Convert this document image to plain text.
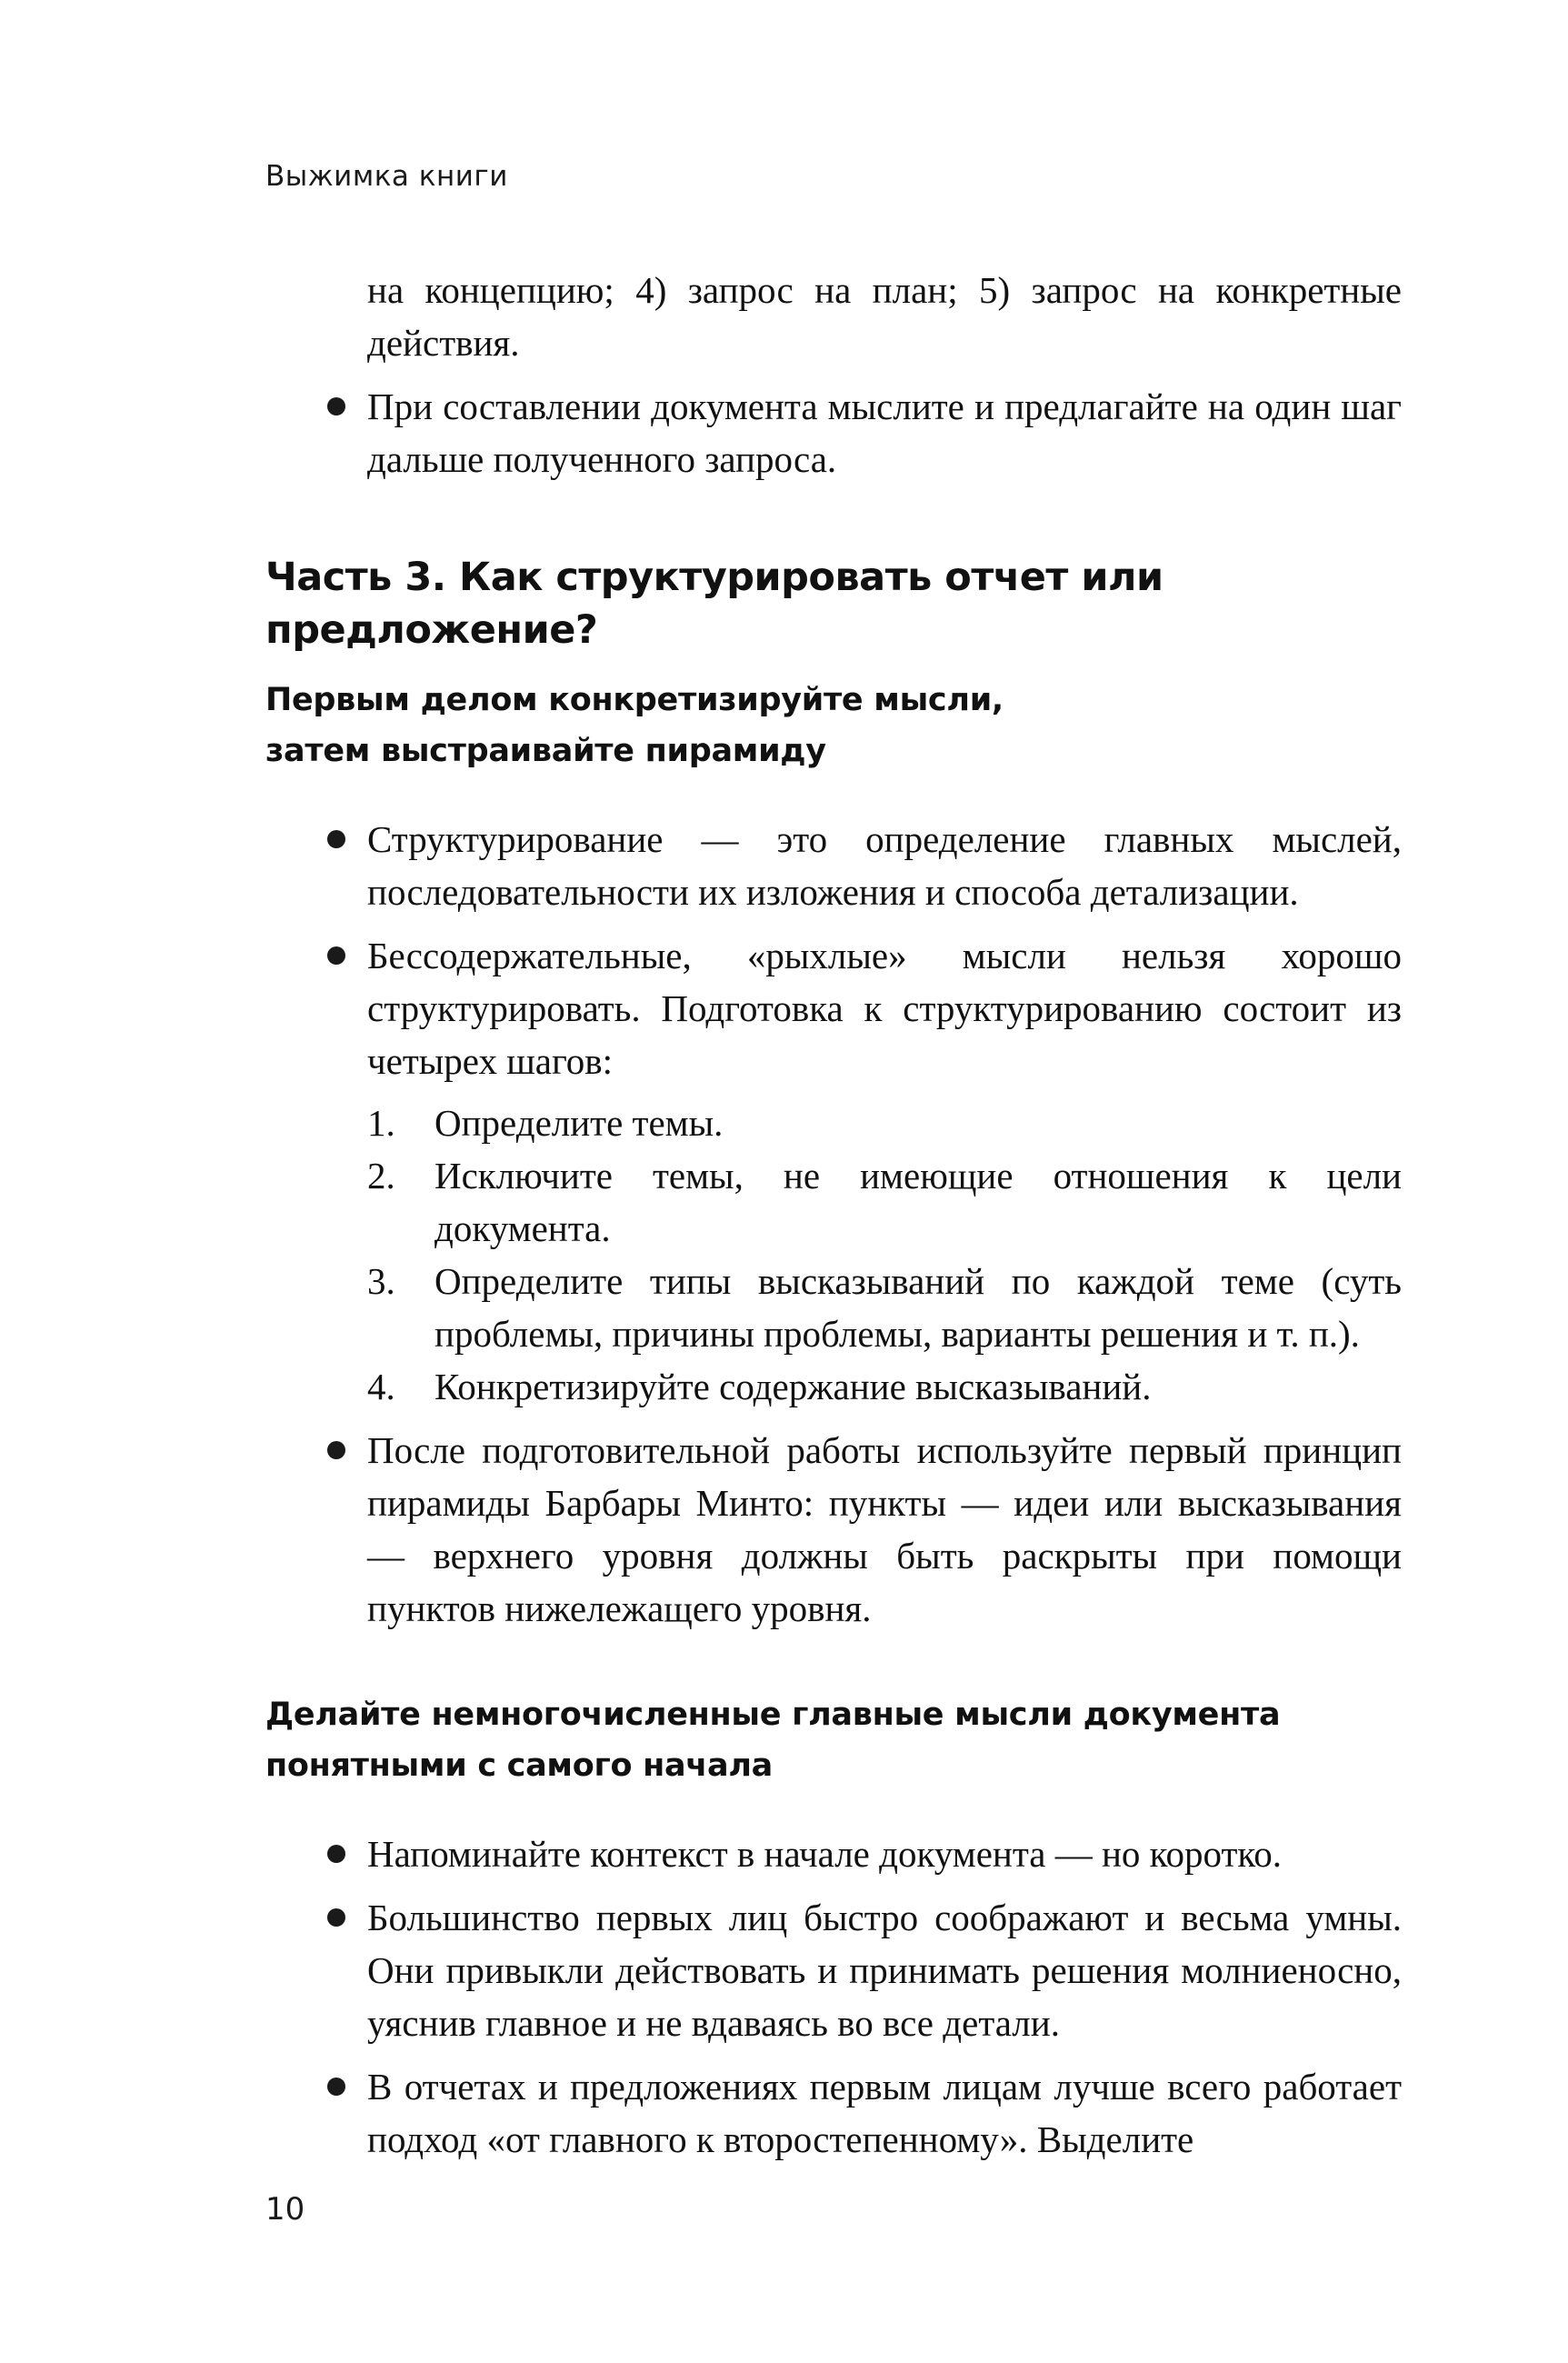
Выжимка книги

на концепцию; 4) запрос на план; 5) запрос на конкретные действия.

При составлении документа мыслите и предлагайте на один шаг дальше полученного запроса.
Часть 3. Как структурировать отчет или предложение?
Первым делом конкретизируйте мысли,
затем выстраивайте пирамиду
Структурирование — это определение главных мыслей, последовательности их изложения и способа детализации.
Бессодержательные, «рыхлые» мысли нельзя хорошо структурировать. Подготовка к структурированию состоит из четырех шагов:
1. Определите темы.
2. Исключите темы, не имеющие отношения к цели документа.
3. Определите типы высказываний по каждой теме (суть проблемы, причины проблемы, варианты решения и т. п.).
4. Конкретизируйте содержание высказываний.
После подготовительной работы используйте первый принцип пирамиды Барбары Минто: пункты — идеи или высказывания — верхнего уровня должны быть раскрыты при помощи пунктов нижележащего уровня.
Делайте немногочисленные главные мысли документа
понятными с самого начала
Напоминайте контекст в начале документа — но коротко.
Большинство первых лиц быстро соображают и весьма умны. Они привыкли действовать и принимать решения молниеносно, уяснив главное и не вдаваясь во все детали.
В отчетах и предложениях первым лицам лучше всего работает подход «от главного к второстепенному». Выделите
10
